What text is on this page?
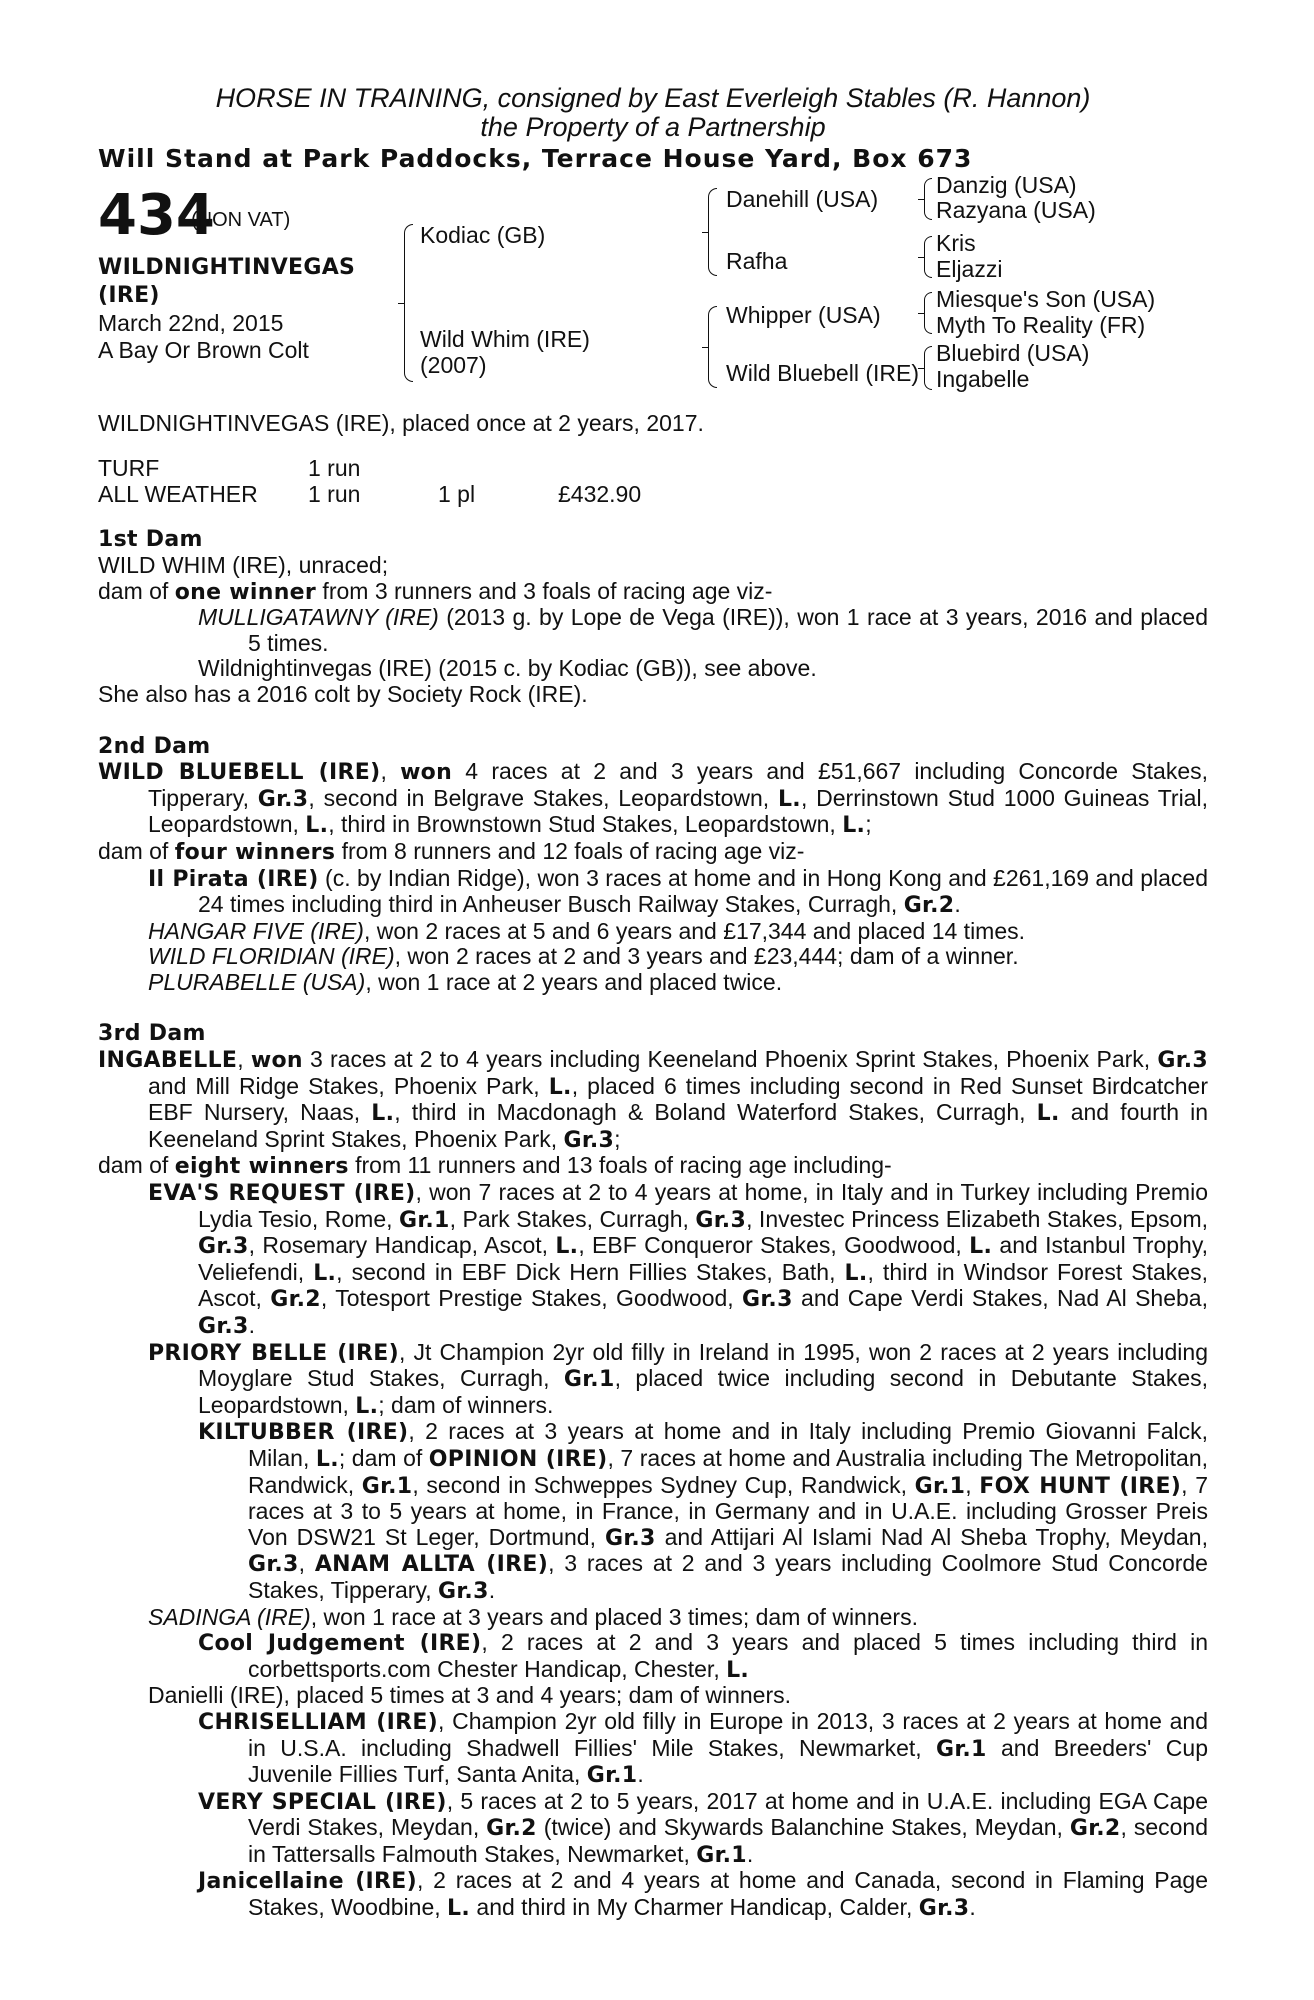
HORSE IN TRAINING, consigned by East Everleigh Stables (R. Hannon)
the Property of a Partnership
Will Stand at Park Paddocks, Terrace House Yard, Box 673
434
(NON VAT)
WILDNIGHTINVEGAS
(IRE)
March 22nd, 2015
A Bay Or Brown Colt
Kodiac (GB)
Wild Whim (IRE)
(2007)
Danehill (USA)
Rafha
Whipper (USA)
Wild Bluebell (IRE)
Danzig (USA)
Razyana (USA)
Kris
Eljazzi
Miesque's Son (USA)
Myth To Reality (FR)
Bluebird (USA)
Ingabelle

WILDNIGHTINVEGAS (IRE), placed once at 2 years, 2017.

TURF	1 run
ALL WEATHER	1 run	1 pl	£432.90

1st Dam

WILD WHIM (IRE), unraced;

dam of one winner from 3 runners and 3 foals of racing age viz-

MULLIGATAWNY (IRE) (2013 g. by Lope de Vega (IRE)), won 1 race at 3 years, 2016 and placed 5 times.

Wildnightinvegas (IRE) (2015 c. by Kodiac (GB)), see above.

She also has a 2016 colt by Society Rock (IRE).

2nd Dam

WILD BLUEBELL (IRE), won 4 races at 2 and 3 years and £51,667 including Concorde Stakes, Tipperary, Gr.3, second in Belgrave Stakes, Leopardstown, L., Derrinstown Stud 1000 Guineas Trial, Leopardstown, L., third in Brownstown Stud Stakes, Leopardstown, L.;

dam of four winners from 8 runners and 12 foals of racing age viz-

Il Pirata (IRE) (c. by Indian Ridge), won 3 races at home and in Hong Kong and £261,169 and placed 24 times including third in Anheuser Busch Railway Stakes, Curragh, Gr.2.

HANGAR FIVE (IRE), won 2 races at 5 and 6 years and £17,344 and placed 14 times.

WILD FLORIDIAN (IRE), won 2 races at 2 and 3 years and £23,444; dam of a winner.

PLURABELLE (USA), won 1 race at 2 years and placed twice.

3rd Dam

INGABELLE, won 3 races at 2 to 4 years including Keeneland Phoenix Sprint Stakes, Phoenix Park, Gr.3 and Mill Ridge Stakes, Phoenix Park, L., placed 6 times including second in Red Sunset Birdcatcher EBF Nursery, Naas, L., third in Macdonagh & Boland Waterford Stakes, Curragh, L. and fourth in Keeneland Sprint Stakes, Phoenix Park, Gr.3;

dam of eight winners from 11 runners and 13 foals of racing age including-

EVA'S REQUEST (IRE), won 7 races at 2 to 4 years at home, in Italy and in Turkey including Premio Lydia Tesio, Rome, Gr.1, Park Stakes, Curragh, Gr.3, Investec Princess Elizabeth Stakes, Epsom, Gr.3, Rosemary Handicap, Ascot, L., EBF Conqueror Stakes, Goodwood, L. and Istanbul Trophy, Veliefendi, L., second in EBF Dick Hern Fillies Stakes, Bath, L., third in Windsor Forest Stakes, Ascot, Gr.2, Totesport Prestige Stakes, Goodwood, Gr.3 and Cape Verdi Stakes, Nad Al Sheba, Gr.3.

PRIORY BELLE (IRE), Jt Champion 2yr old filly in Ireland in 1995, won 2 races at 2 years including Moyglare Stud Stakes, Curragh, Gr.1, placed twice including second in Debutante Stakes, Leopardstown, L.; dam of winners.

KILTUBBER (IRE), 2 races at 3 years at home and in Italy including Premio Giovanni Falck, Milan, L.; dam of OPINION (IRE), 7 races at home and Australia including The Metropolitan, Randwick, Gr.1, second in Schweppes Sydney Cup, Randwick, Gr.1, FOX HUNT (IRE), 7 races at 3 to 5 years at home, in France, in Germany and in U.A.E. including Grosser Preis Von DSW21 St Leger, Dortmund, Gr.3 and Attijari Al Islami Nad Al Sheba Trophy, Meydan, Gr.3, ANAM ALLTA (IRE), 3 races at 2 and 3 years including Coolmore Stud Concorde Stakes, Tipperary, Gr.3.

SADINGA (IRE), won 1 race at 3 years and placed 3 times; dam of winners.

Cool Judgement (IRE), 2 races at 2 and 3 years and placed 5 times including third in corbettsports.com Chester Handicap, Chester, L.

Danielli (IRE), placed 5 times at 3 and 4 years; dam of winners.

CHRISELLIAM (IRE), Champion 2yr old filly in Europe in 2013, 3 races at 2 years at home and in U.S.A. including Shadwell Fillies' Mile Stakes, Newmarket, Gr.1 and Breeders' Cup Juvenile Fillies Turf, Santa Anita, Gr.1.

VERY SPECIAL (IRE), 5 races at 2 to 5 years, 2017 at home and in U.A.E. including EGA Cape Verdi Stakes, Meydan, Gr.2 (twice) and Skywards Balanchine Stakes, Meydan, Gr.2, second in Tattersalls Falmouth Stakes, Newmarket, Gr.1.

Janicellaine (IRE), 2 races at 2 and 4 years at home and Canada, second in Flaming Page Stakes, Woodbine, L. and third in My Charmer Handicap, Calder, Gr.3.
